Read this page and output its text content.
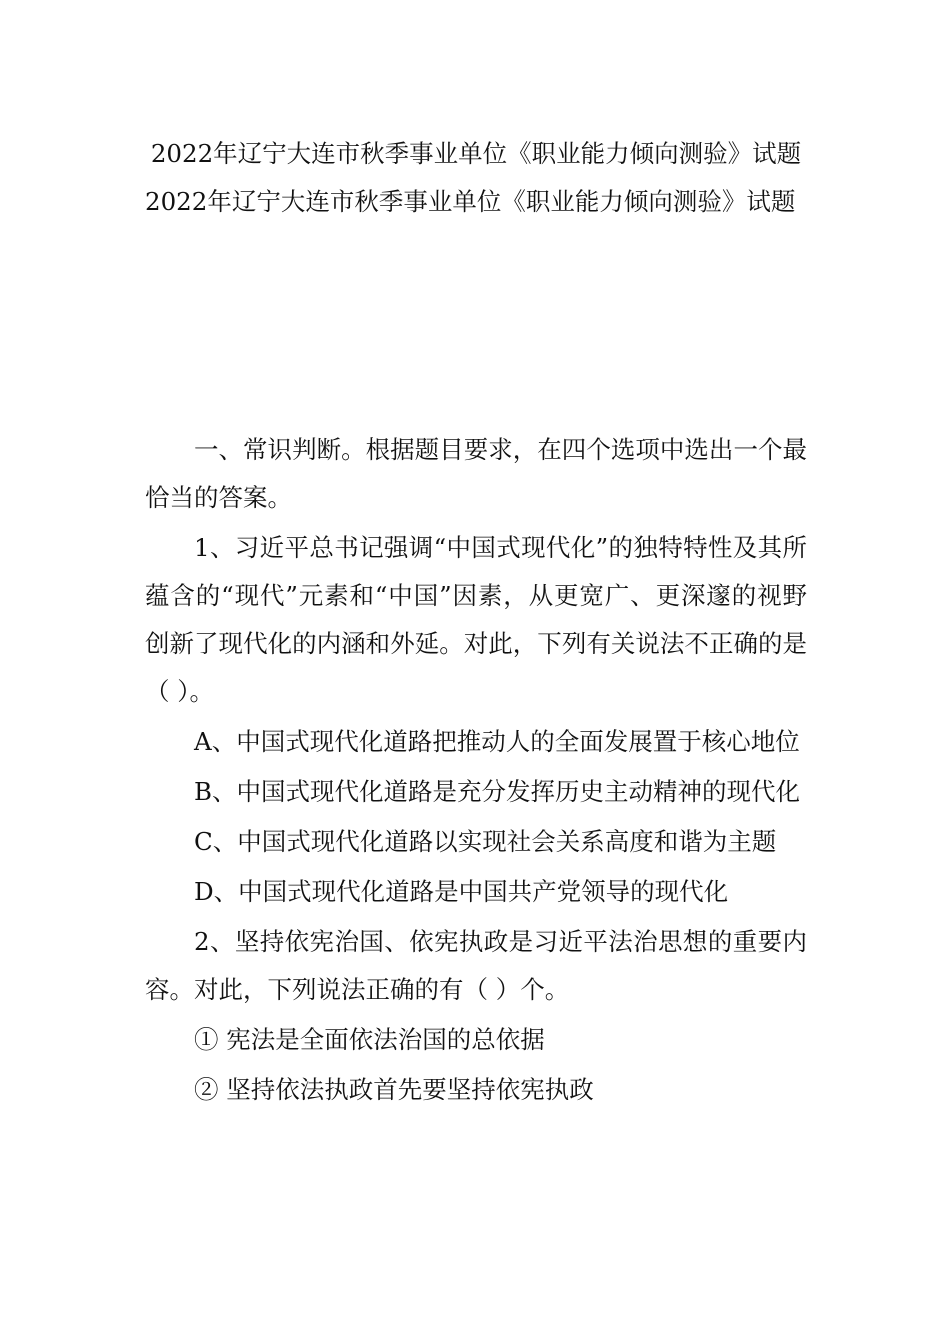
2022年辽宁大连市秋季事业单位《职业能力倾向测验》试题
2022年辽宁大连市秋季事业单位《职业能力倾向测验》试题

一、常识判断。根据题目要求，在四个选项中选出一个最恰当的答案。

1、习近平总书记强调“中国式现代化”的独特特性及其所蕴含的“现代”元素和“中国”因素，从更宽广、更深邃的视野创新了现代化的内涵和外延。对此，下列有关说法不正确的是（ ）。

A、中国式现代化道路把推动人的全面发展置于核心地位

B、中国式现代化道路是充分发挥历史主动精神的现代化

C、中国式现代化道路以实现社会关系高度和谐为主题

D、中国式现代化道路是中国共产党领导的现代化

2、坚持依宪治国、依宪执政是习近平法治思想的重要内容。对此，下列说法正确的有（ ）个。

① 宪法是全面依法治国的总依据

② 坚持依法执政首先要坚持依宪执政
